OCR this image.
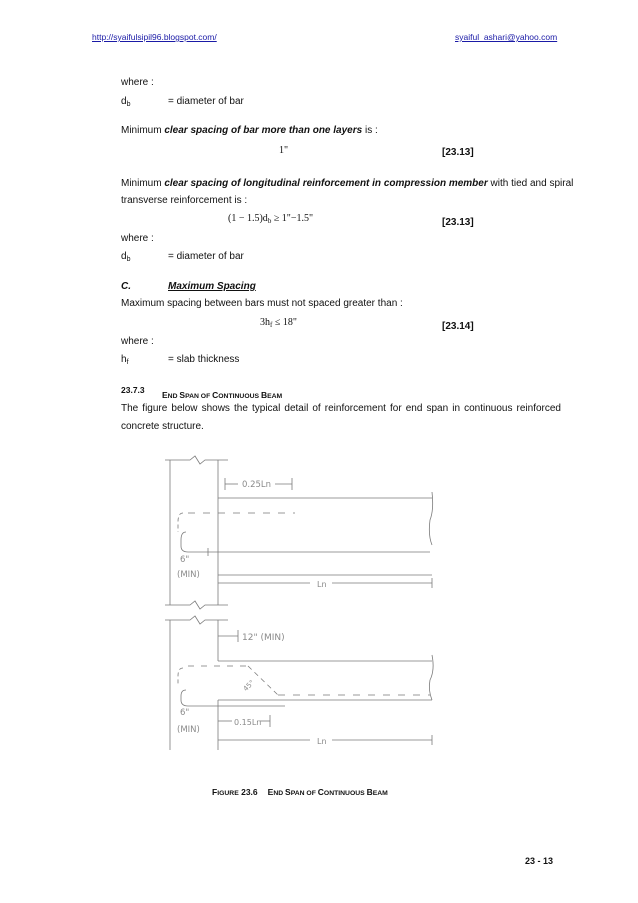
http://syaifulsipil96.blogspot.com/	syaiful_ashari@yahoo.com
where :
$d_b$	= diameter of bar
Minimum clear spacing of bar more than one layers is :
1"	[23.13]
Minimum clear spacing of longitudinal reinforcement in compression member with tied and spiral
transverse reinforcement is :
$(1 - 1.5)d_b$ ≥ 1"−1.5"	[23.13]
where :
$d_b$	= diameter of bar
C.	Maximum Spacing
Maximum spacing between bars must not spaced greater than :
$3h_f \le 18$"	[23.14]
where :
$h_f$	= slab thickness
23.7.3 END SPAN OF CONTINUOUS BEAM
The figure below shows the typical detail of reinforcement for end span in continuous reinforced
concrete structure.
0.25Ln
6"
(MIN)
Ln
12" (MIN)
45°
6"
(MIN)
0.15Ln
Ln
FIGURE 23.6 END SPAN OF CONTINUOUS BEAM
23 - 13
